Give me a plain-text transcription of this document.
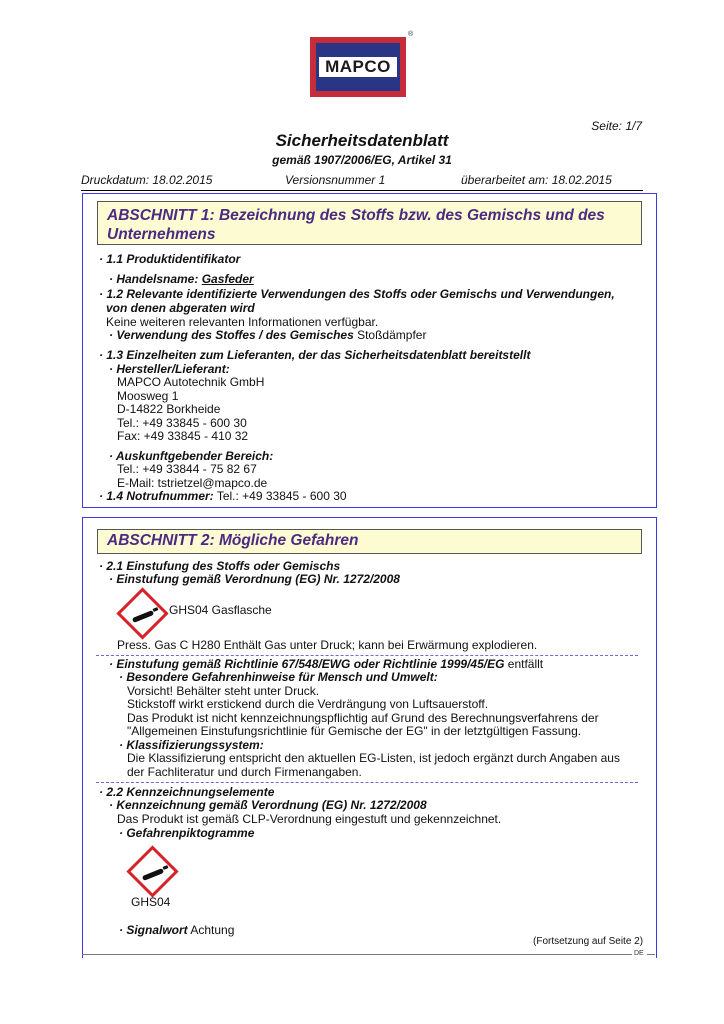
MAPCO
®
Seite: 1/7
Sicherheitsdatenblatt
gemäß 1907/2006/EG, Artikel 31
Druckdatum: 18.02.2015	Versionsnummer 1	überarbeitet am: 18.02.2015
ABSCHNITT 1: Bezeichnung des Stoffs bzw. des Gemischs und des Unternehmens
· 1.1 Produktidentifikator
· Handelsname: Gasfeder
· 1.2 Relevante identifizierte Verwendungen des Stoffs oder Gemischs und Verwendungen,
von denen abgeraten wird
Keine weiteren relevanten Informationen verfügbar.
· Verwendung des Stoffes / des Gemisches Stoßdämpfer
· 1.3 Einzelheiten zum Lieferanten, der das Sicherheitsdatenblatt bereitstellt
· Hersteller/Lieferant:
MAPCO Autotechnik GmbH
Moosweg 1
D-14822 Borkheide
Tel.: +49 33845 - 600 30
Fax: +49 33845 - 410 32
· Auskunftgebender Bereich:
Tel.: +49 33844 - 75 82 67
E-Mail: tstrietzel@mapco.de
· 1.4 Notrufnummer: Tel.: +49 33845 - 600 30
ABSCHNITT 2: Mögliche Gefahren
· 2.1 Einstufung des Stoffs oder Gemischs
· Einstufung gemäß Verordnung (EG) Nr. 1272/2008
GHS04 Gasflasche
Press. Gas C H280 Enthält Gas unter Druck; kann bei Erwärmung explodieren.
· Einstufung gemäß Richtlinie 67/548/EWG oder Richtlinie 1999/45/EG entfällt
· Besondere Gefahrenhinweise für Mensch und Umwelt:
Vorsicht! Behälter steht unter Druck.
Stickstoff wirkt erstickend durch die Verdrängung von Luftsauerstoff.
Das Produkt ist nicht kennzeichnungspflichtig auf Grund des Berechnungsverfahrens der
"Allgemeinen Einstufungsrichtlinie für Gemische der EG" in der letztgültigen Fassung.
· Klassifizierungssystem:
Die Klassifizierung entspricht den aktuellen EG-Listen, ist jedoch ergänzt durch Angaben aus
der Fachliteratur und durch Firmenangaben.
· 2.2 Kennzeichnungselemente
· Kennzeichnung gemäß Verordnung (EG) Nr. 1272/2008
Das Produkt ist gemäß CLP-Verordnung eingestuft und gekennzeichnet.
· Gefahrenpiktogramme
GHS04
· Signalwort Achtung
(Fortsetzung auf Seite 2)
DE
